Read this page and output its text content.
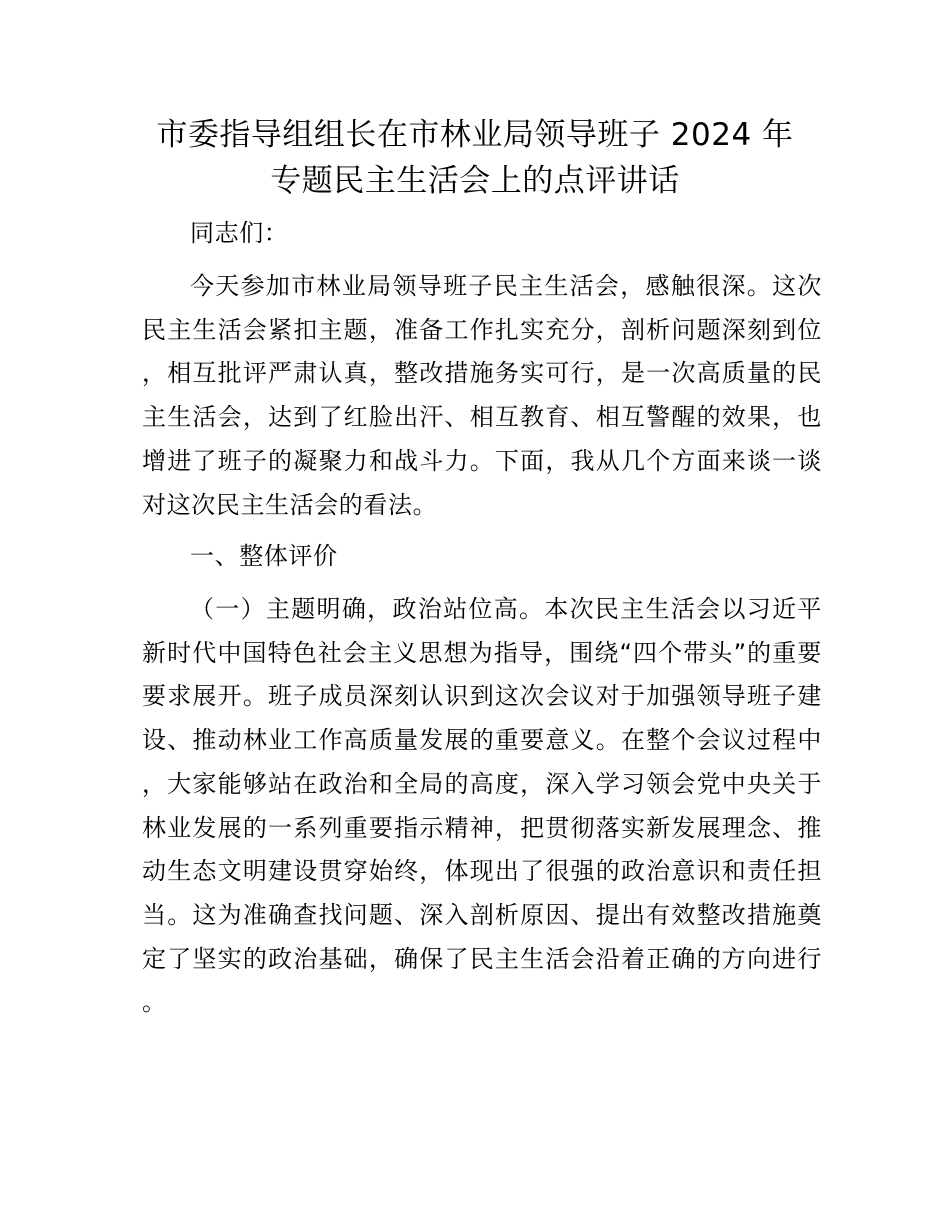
市委指导组组长在市林业局领导班子 2024 年
专题民主生活会上的点评讲话
同志们：
今天参加市林业局领导班子民主生活会，感触很深。这次民主生活会紧扣主题，准备工作扎实充分，剖析问题深刻到位，相互批评严肃认真，整改措施务实可行，是一次高质量的民主生活会，达到了红脸出汗、相互教育、相互警醒的效果，也增进了班子的凝聚力和战斗力。下面，我从几个方面来谈一谈对这次民主生活会的看法。
一、整体评价
（一）主题明确，政治站位高。本次民主生活会以习近平新时代中国特色社会主义思想为指导，围绕“四个带头”的重要要求展开。班子成员深刻认识到这次会议对于加强领导班子建设、推动林业工作高质量发展的重要意义。在整个会议过程中，大家能够站在政治和全局的高度，深入学习领会党中央关于林业发展的一系列重要指示精神，把贯彻落实新发展理念、推动生态文明建设贯穿始终，体现出了很强的政治意识和责任担当。这为准确查找问题、深入剖析原因、提出有效整改措施奠定了坚实的政治基础，确保了民主生活会沿着正确的方向进行。
